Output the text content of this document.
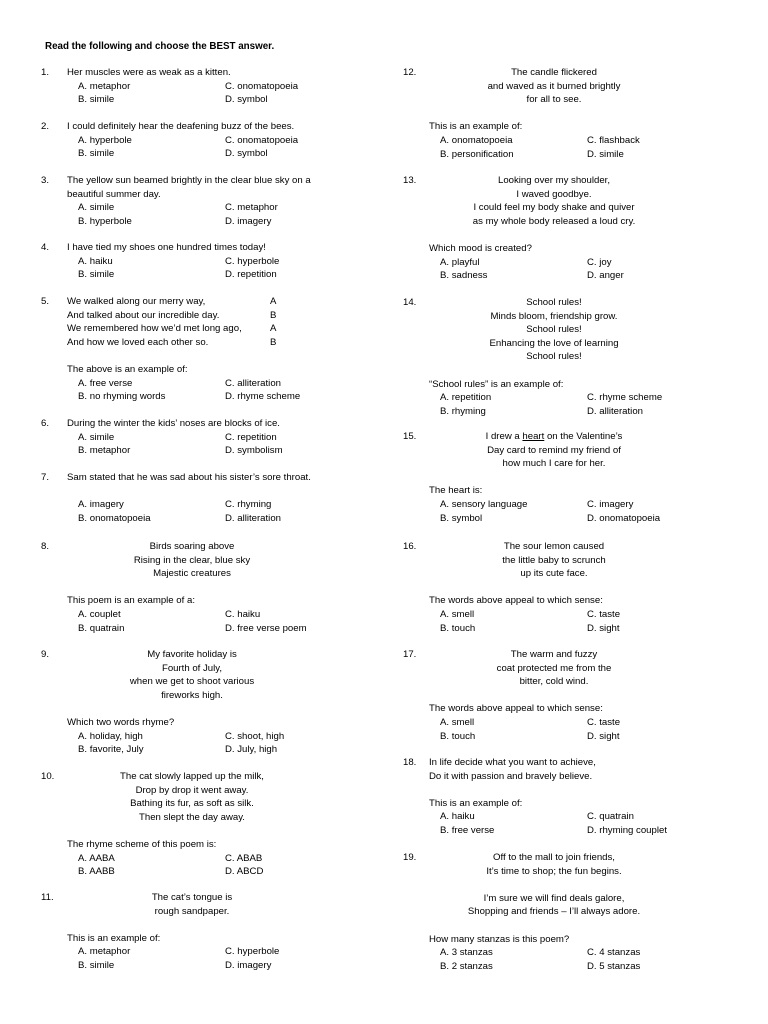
Read the following and choose the BEST answer.
1.	Her muscles were as weak as a kitten.
A. metaphor	C. onomatopoeia
B. simile	D. symbol
2.	I could definitely hear the deafening buzz of the bees.
A. hyperbole	C. onomatopoeia
B. simile	D. symbol
3.	The yellow sun beamed brightly in the clear blue sky on a
beautiful summer day.
A. simile	C. metaphor
B. hyperbole	D. imagery
4.	I have tied my shoes one hundred times today!
A. haiku	C. hyperbole
B. simile	D. repetition
6.	During the winter the kids’ noses are blocks of ice.
A. simile	C. repetition
B. metaphor	D. symbolism
7.	Sam stated that he was sad about his sister’s sore throat.
A. imagery	C. rhyming
B. onomatopoeia	D. alliteration
5.	We walked along our merry way,	A
And talked about our incredible day.	B
We remembered how we’d met long ago,	A
And how we loved each other so.	B
The above is an example of:
A. free verse	C. alliteration
B. no rhyming words	D. rhyme scheme
8.	Birds soaring above
Rising in the clear, blue sky
Majestic creatures
This poem is an example of a:
A. couplet	C. haiku
B. quatrain	D. free verse poem
9.	My favorite holiday is
Fourth of July,
when we get to shoot various
fireworks high.
Which two words rhyme?
A. holiday, high	C. shoot, high
B. favorite, July	D. July, high
10.	The cat slowly lapped up the milk,
Drop by drop it went away.
Bathing its fur, as soft as silk.
Then slept the day away.
The rhyme scheme of this poem is:
A. AABA	C. ABAB
B. AABB	D. ABCD
11.	The cat’s tongue is
rough sandpaper.
This is an example of:
A. metaphor	C. hyperbole
B. simile	D. imagery
12.	The candle flickered
and waved as it burned brightly
for all to see.
This is an example of:
A. onomatopoeia	C. flashback
B. personification	D. simile
13.	Looking over my shoulder,
I waved goodbye.
I could feel my body shake and quiver
as my whole body released a loud cry.
Which mood is created?
A. playful	C. joy
B. sadness	D. anger
14.	School rules!
Minds bloom, friendship grow.
School rules!
Enhancing the love of learning
School rules!
“School rules” is an example of:
A. repetition	C. rhyme scheme
B. rhyming	D. alliteration
16.	The sour lemon caused
the little baby to scrunch
up its cute face.
The words above appeal to which sense:
A. smell	C. taste
B. touch	D. sight
17.	The warm and fuzzy
coat protected me from the
bitter, cold wind.
The words above appeal to which sense:
A. smell	C. taste
B. touch	D. sight
15.	I drew a heart on the Valentine’s
Day card to remind my friend of
how much I care for her.
The heart is:
A. sensory language	C. imagery
B. symbol	D. onomatopoeia
18.	In life decide what you want to achieve,
Do it with passion and bravely believe.
This is an example of:
A. haiku	C. quatrain
B. free verse	D. rhyming couplet
19.	Off to the mall to join friends,
It’s time to shop; the fun begins.
I’m sure we will find deals galore,
Shopping and friends – I’ll always adore.
How many stanzas is this poem?
A. 3 stanzas	C. 4 stanzas
B. 2 stanzas	D. 5 stanzas
